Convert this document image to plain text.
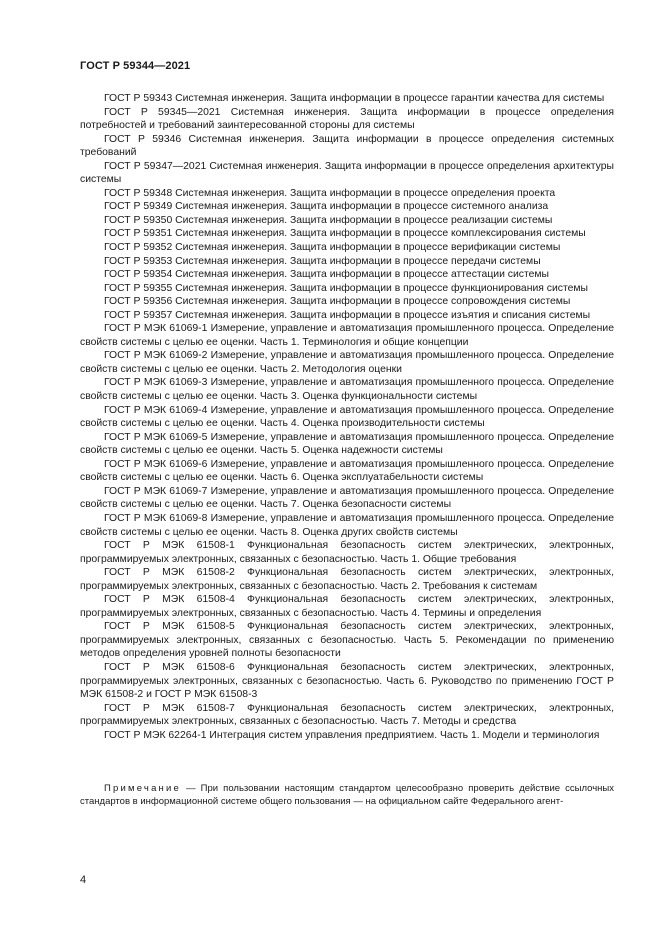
ГОСТ Р 59344—2021

ГОСТ Р 59343 Системная инженерия. Защита информации в процессе гарантии качества для системы

ГОСТ Р 59345—2021 Системная инженерия. Защита информации в процессе определения потребностей и требований заинтересованной стороны для системы

ГОСТ Р 59346 Системная инженерия. Защита информации в процессе определения системных требований

ГОСТ Р 59347—2021 Системная инженерия. Защита информации в процессе определения архитектуры системы

ГОСТ Р 59348 Системная инженерия. Защита информации в процессе определения проекта

ГОСТ Р 59349 Системная инженерия. Защита информации в процессе системного анализа

ГОСТ Р 59350 Системная инженерия. Защита информации в процессе реализации системы

ГОСТ Р 59351 Системная инженерия. Защита информации в процессе комплексирования системы

ГОСТ Р 59352 Системная инженерия. Защита информации в процессе верификации системы

ГОСТ Р 59353 Системная инженерия. Защита информации в процессе передачи системы

ГОСТ Р 59354 Системная инженерия. Защита информации в процессе аттестации системы

ГОСТ Р 59355 Системная инженерия. Защита информации в процессе функционирования системы

ГОСТ Р 59356 Системная инженерия. Защита информации в процессе сопровождения системы

ГОСТ Р 59357 Системная инженерия. Защита информации в процессе изъятия и списания системы

ГОСТ Р МЭК 61069-1 Измерение, управление и автоматизация промышленного процесса. Определение свойств системы с целью ее оценки. Часть 1. Терминология и общие концепции

ГОСТ Р МЭК 61069-2 Измерение, управление и автоматизация промышленного процесса. Определение свойств системы с целью ее оценки. Часть 2. Методология оценки

ГОСТ Р МЭК 61069-3 Измерение, управление и автоматизация промышленного процесса. Определение свойств системы с целью ее оценки. Часть 3. Оценка функциональности системы

ГОСТ Р МЭК 61069-4 Измерение, управление и автоматизация промышленного процесса. Определение свойств системы с целью ее оценки. Часть 4. Оценка производительности системы

ГОСТ Р МЭК 61069-5 Измерение, управление и автоматизация промышленного процесса. Определение свойств системы с целью ее оценки. Часть 5. Оценка надежности системы

ГОСТ Р МЭК 61069-6 Измерение, управление и автоматизация промышленного процесса. Определение свойств системы с целью ее оценки. Часть 6. Оценка эксплуатабельности системы

ГОСТ Р МЭК 61069-7 Измерение, управление и автоматизация промышленного процесса. Определение свойств системы с целью ее оценки. Часть 7. Оценка безопасности системы

ГОСТ Р МЭК 61069-8 Измерение, управление и автоматизация промышленного процесса. Определение свойств системы с целью ее оценки. Часть 8. Оценка других свойств системы

ГОСТ Р МЭК 61508-1 Функциональная безопасность систем электрических, электронных, программируемых электронных, связанных с безопасностью. Часть 1. Общие требования

ГОСТ Р МЭК 61508-2 Функциональная безопасность систем электрических, электронных, программируемых электронных, связанных с безопасностью. Часть 2. Требования к системам

ГОСТ Р МЭК 61508-4 Функциональная безопасность систем электрических, электронных, программируемых электронных, связанных с безопасностью. Часть 4. Термины и определения

ГОСТ Р МЭК 61508-5 Функциональная безопасность систем электрических, электронных, программируемых электронных, связанных с безопасностью. Часть 5. Рекомендации по применению методов определения уровней полноты безопасности

ГОСТ Р МЭК 61508-6 Функциональная безопасность систем электрических, электронных, программируемых электронных, связанных с безопасностью. Часть 6. Руководство по применению ГОСТ Р МЭК 61508-2 и ГОСТ Р МЭК 61508-3

ГОСТ Р МЭК 61508-7 Функциональная безопасность систем электрических, электронных, программируемых электронных, связанных с безопасностью. Часть 7. Методы и средства

ГОСТ Р МЭК 62264-1 Интеграция систем управления предприятием. Часть 1. Модели и терминология

Примечание — При пользовании настоящим стандартом целесообразно проверить действие ссылочных стандартов в информационной системе общего пользования — на официальном сайте Федерального агент-

4
